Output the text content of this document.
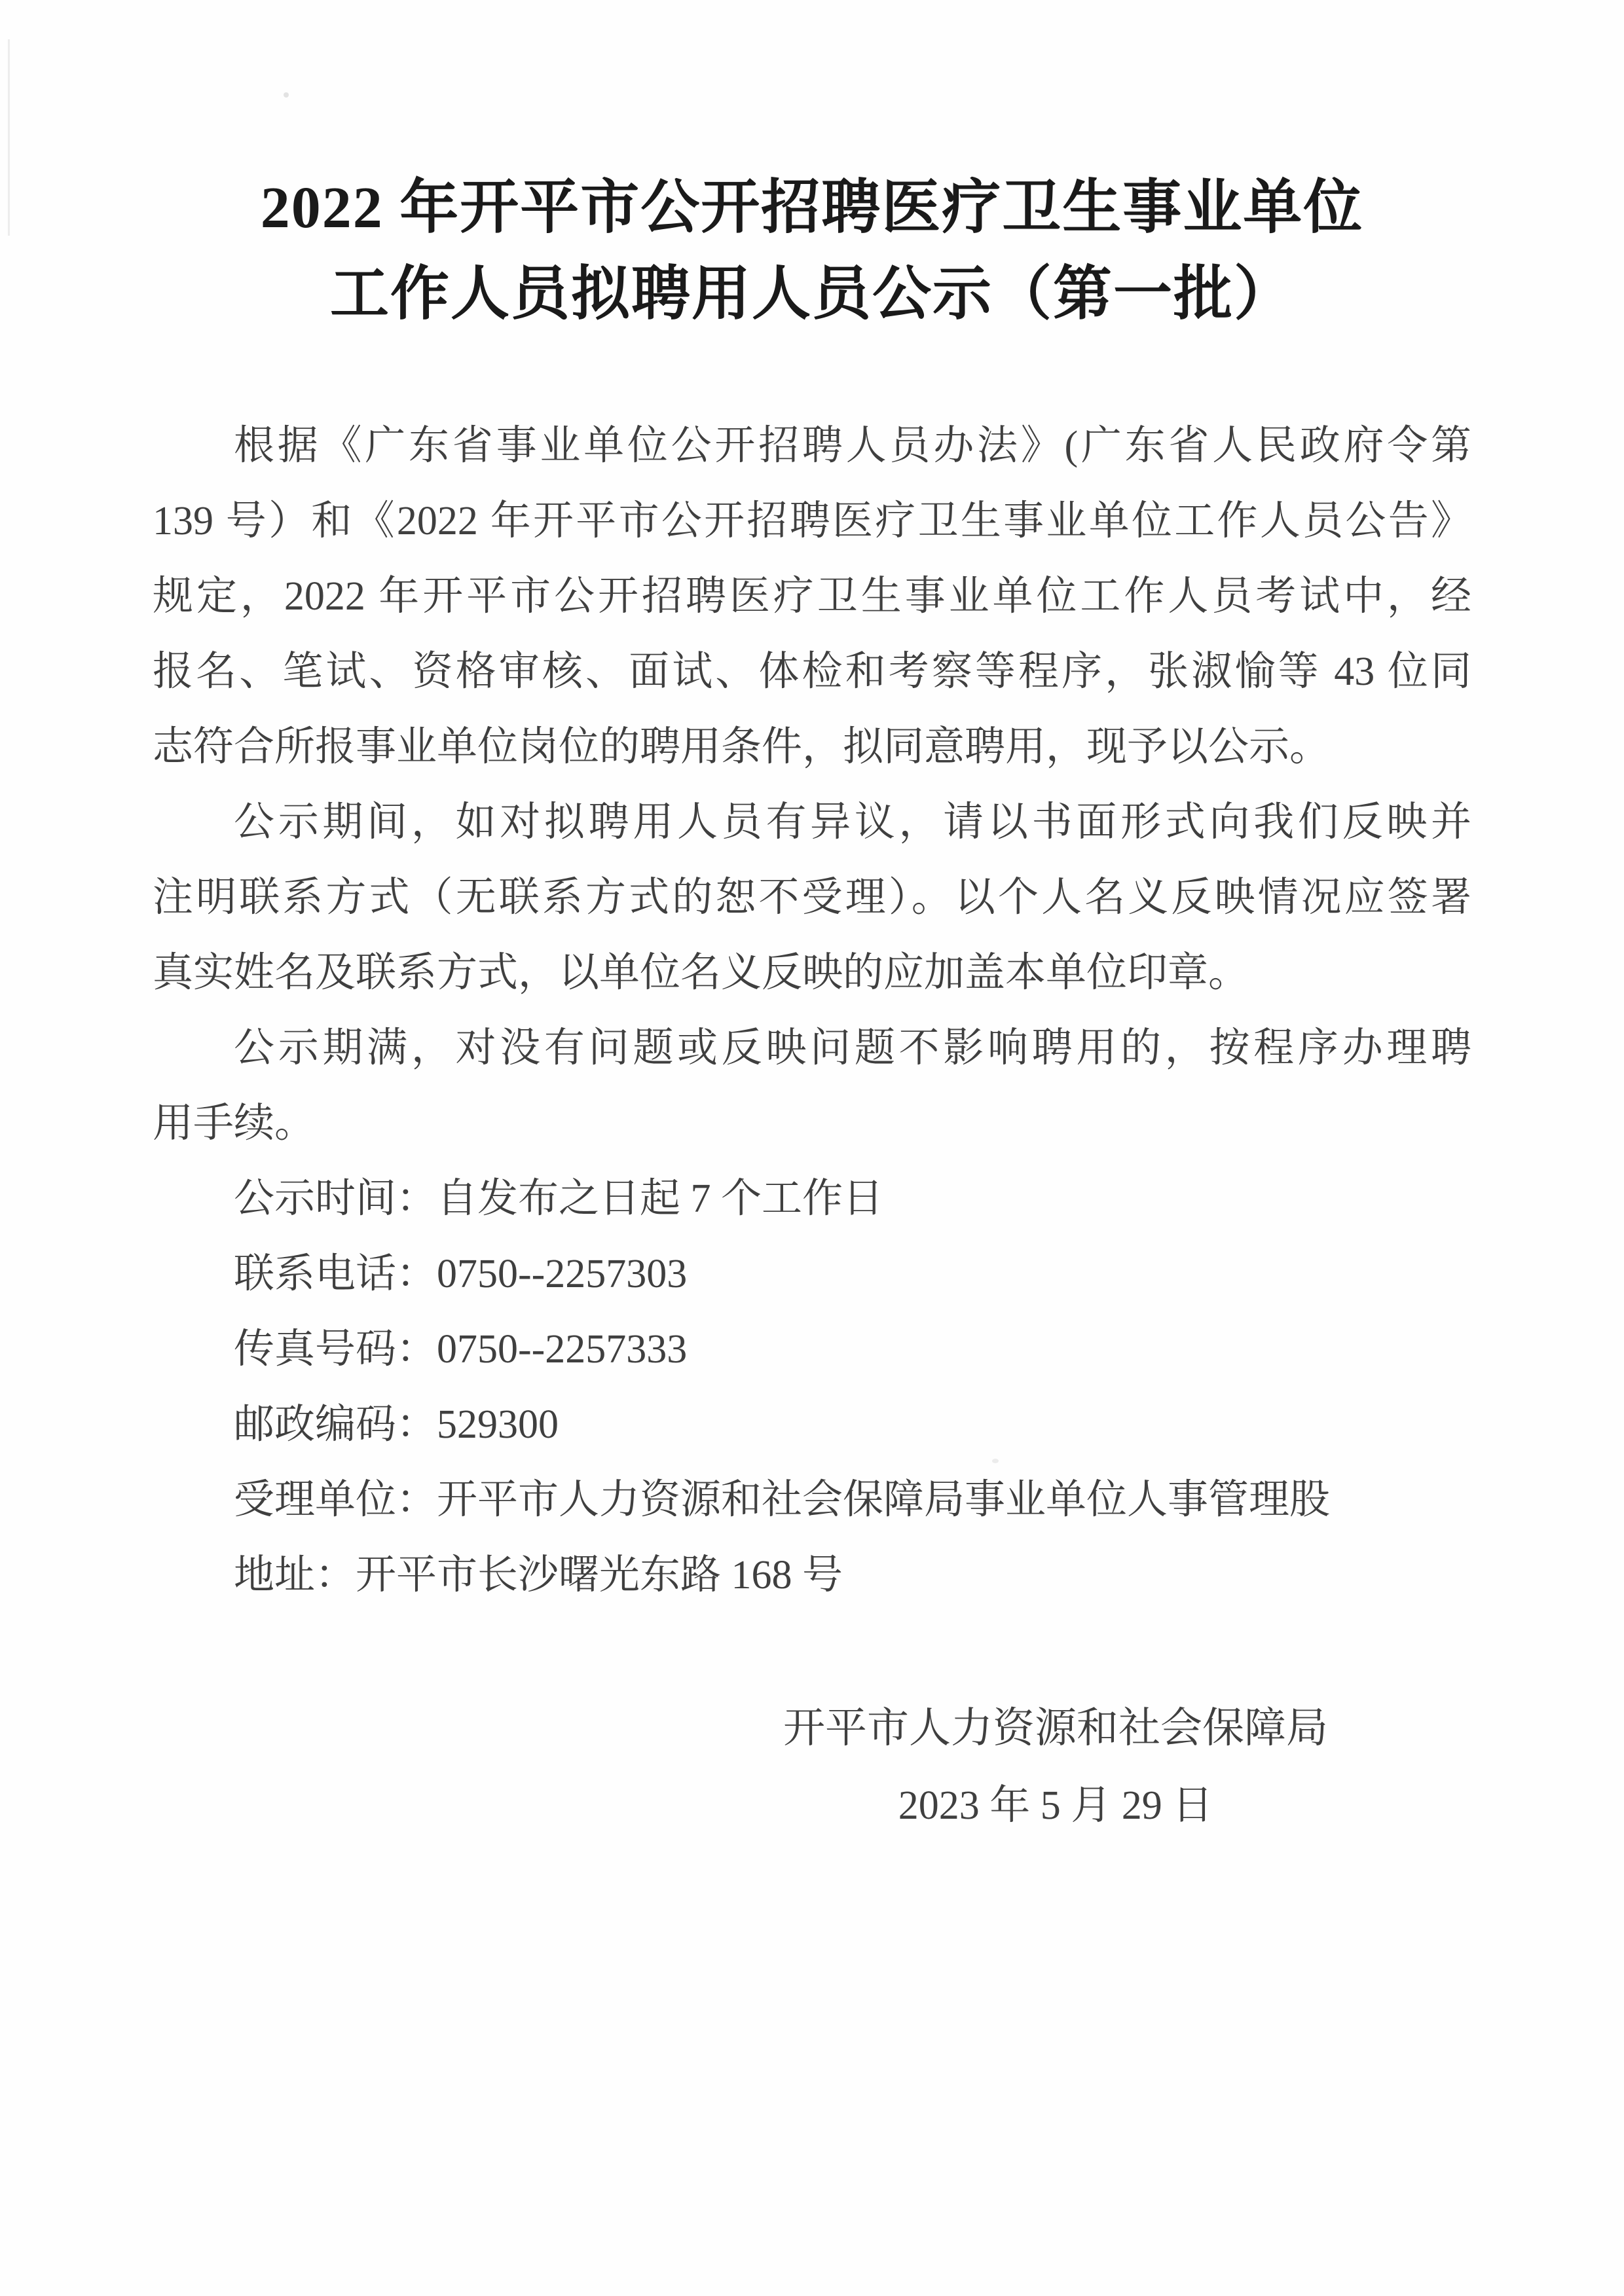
2022 年开平市公开招聘医疗卫生事业单位
工作人员拟聘用人员公示（第一批）
根据《广东省事业单位公开招聘人员办法》(广东省人民政府令第
139 号）和《2022 年开平市公开招聘医疗卫生事业单位工作人员公告》
规定，2022 年开平市公开招聘医疗卫生事业单位工作人员考试中，经
报名、笔试、资格审核、面试、体检和考察等程序，张淑愉等 43 位同
志符合所报事业单位岗位的聘用条件，拟同意聘用，现予以公示。
公示期间，如对拟聘用人员有异议，请以书面形式向我们反映并
注明联系方式（无联系方式的恕不受理）。以个人名义反映情况应签署
真实姓名及联系方式，以单位名义反映的应加盖本单位印章。
公示期满，对没有问题或反映问题不影响聘用的，按程序办理聘
用手续。
公示时间：自发布之日起 7 个工作日
联系电话：0750--2257303
传真号码：0750--2257333
邮政编码：529300
受理单位：开平市人力资源和社会保障局事业单位人事管理股
地址：开平市长沙曙光东路 168 号
开平市人力资源和社会保障局
2023 年 5 月 29 日
